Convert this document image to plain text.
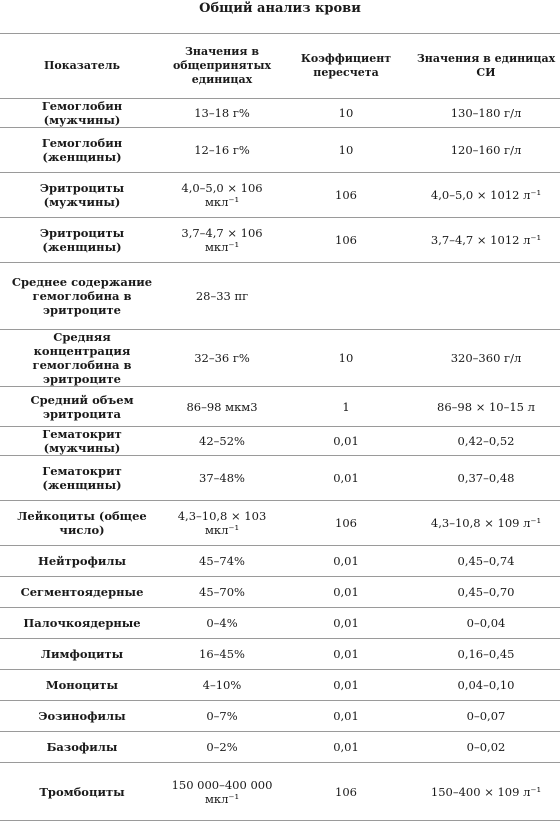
Общий анализ крови
Показатель	Значения в общепринятых единицах	Коэффициент пересчета	Значения в единицах СИ
Гемоглобин (мужчины)	13–18 г%	10	130–180 г/л
Гемоглобин (женщины)	12–16 г%	10	120–160 г/л
Эритроциты (мужчины)	4,0–5,0 × 106 мкл⁻¹	106	4,0–5,0 × 1012 л⁻¹
Эритроциты (женщины)	3,7–4,7 × 106 мкл⁻¹	106	3,7–4,7 × 1012 л⁻¹
Среднее содержание гемоглобина в эритроците	28–33 пг		
Средняя концентрация гемоглобина в эритроците	32–36 г%	10	320–360 г/л
Средний объем эритроцита	86–98 мкм3	1	86–98 × 10–15 л
Гематокрит (мужчины)	42–52%	0,01	0,42–0,52
Гематокрит (женщины)	37–48%	0,01	0,37–0,48
Лейкоциты (общее число)	4,3–10,8 × 103 мкл⁻¹	106	4,3–10,8 × 109 л⁻¹
Нейтрофилы	45–74%	0,01	0,45–0,74
Сегментоядерные	45–70%	0,01	0,45–0,70
Палочкоядерные	0–4%	0,01	0–0,04
Лимфоциты	16–45%	0,01	0,16–0,45
Моноциты	4–10%	0,01	0,04–0,10
Эозинофилы	0–7%	0,01	0–0,07
Базофилы	0–2%	0,01	0–0,02
Тромбоциты	150 000–400 000 мкл⁻¹	106	150–400 × 109 л⁻¹
